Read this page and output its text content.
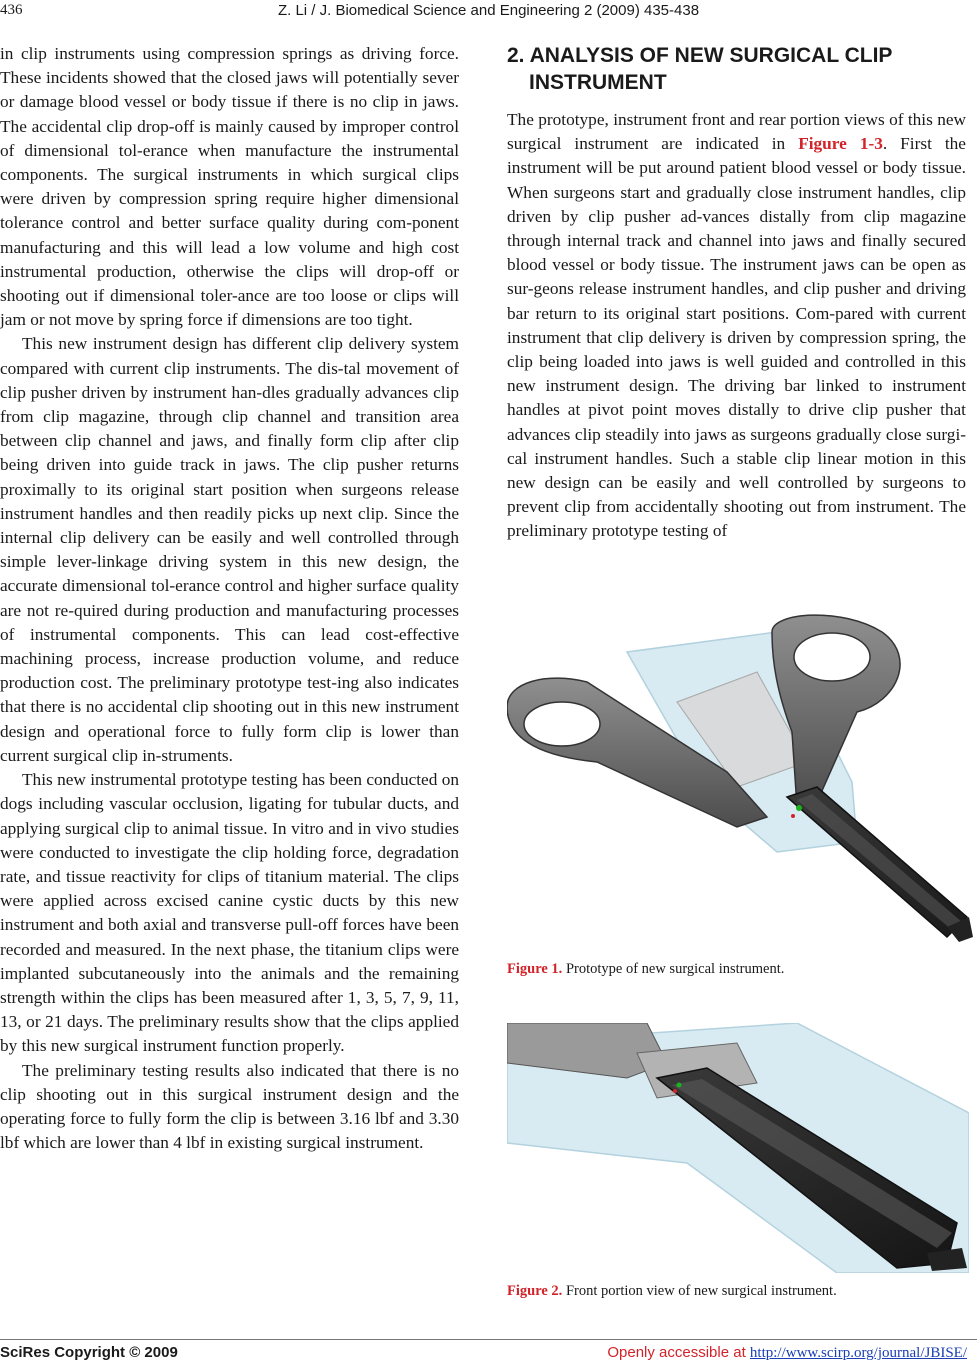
436	Z. Li / J. Biomedical Science and Engineering 2 (2009) 435-438

in clip instruments using compression springs as driving force. These incidents showed that the closed jaws will potentially sever or damage blood vessel or body tissue if there is no clip in jaws. The accidental clip drop-off is mainly caused by improper control of dimensional tol-erance when manufacture the instrumental components. The surgical instruments in which surgical clips were driven by compression spring require higher dimensional tolerance control and better surface quality during com-ponent manufacturing and this will lead a low volume and high cost instrumental production, otherwise the clips will drop-off or shooting out if dimensional toler-ance are too loose or clips will jam or not move by spring force if dimensions are too tight.

This new instrument design has different clip delivery system compared with current clip instruments. The dis-tal movement of clip pusher driven by instrument han-dles gradually advances clip from clip magazine, through clip channel and transition area between clip channel and jaws, and finally form clip after clip being driven into guide track in jaws. The clip pusher returns proximally to its original start position when surgeons release instrument handles and then readily picks up next clip. Since the internal clip delivery can be easily and well controlled through simple lever-linkage driving system in this new design, the accurate dimensional tol-erance control and higher surface quality are not re-quired during production and manufacturing processes of instrumental components. This can lead cost-effective machining process, increase production volume, and reduce production cost. The preliminary prototype test-ing also indicates that there is no accidental clip shooting out in this new instrument design and operational force to fully form clip is lower than current surgical clip in-struments.

This new instrumental prototype testing has been conducted on dogs including vascular occlusion, ligating for tubular ducts, and applying surgical clip to animal tissue. In vitro and in vivo studies were conducted to investigate the clip holding force, degradation rate, and tissue reactivity for clips of titanium material. The clips were applied across excised canine cystic ducts by this new instrument and both axial and transverse pull-off forces have been recorded and measured. In the next phase, the titanium clips were implanted subcutaneously into the animals and the remaining strength within the clips has been measured after 1, 3, 5, 7, 9, 11, 13, or 21 days. The preliminary results show that the clips applied by this new surgical instrument function properly.

The preliminary testing results also indicated that there is no clip shooting out in this surgical instrument design and the operating force to fully form the clip is between 3.16 lbf and 3.30 lbf which are lower than 4 lbf in existing surgical instrument.

2. ANALYSIS OF NEW SURGICAL CLIP
INSTRUMENT

The prototype, instrument front and rear portion views of this new surgical instrument are indicated in Figure 1-3. First the instrument will be put around patient blood vessel or body tissue. When surgeons start and gradually close instrument handles, clip driven by clip pusher ad-vances distally from clip magazine through internal track and channel into jaws and finally secured blood vessel or body tissue. The instrument jaws can be open as sur-geons release instrument handles, and clip pusher and driving bar return to its original start positions. Com-pared with current instrument that clip delivery is driven by compression spring, the clip being loaded into jaws is well guided and controlled in this new instrument design. The driving bar linked to instrument handles at pivot point moves distally to drive clip pusher that advances clip steadily into jaws as surgeons gradually close surgi-cal instrument handles. Such a stable clip linear motion in this new design can be easily and well controlled by surgeons to prevent clip from accidentally shooting out from instrument. The preliminary prototype testing of

Figure 1. Prototype of new surgical instrument.
Figure 2. Front portion view of new surgical instrument.
SciRes Copyright © 2009	Openly accessible at http://www.scirp.org/journal/JBISE/
